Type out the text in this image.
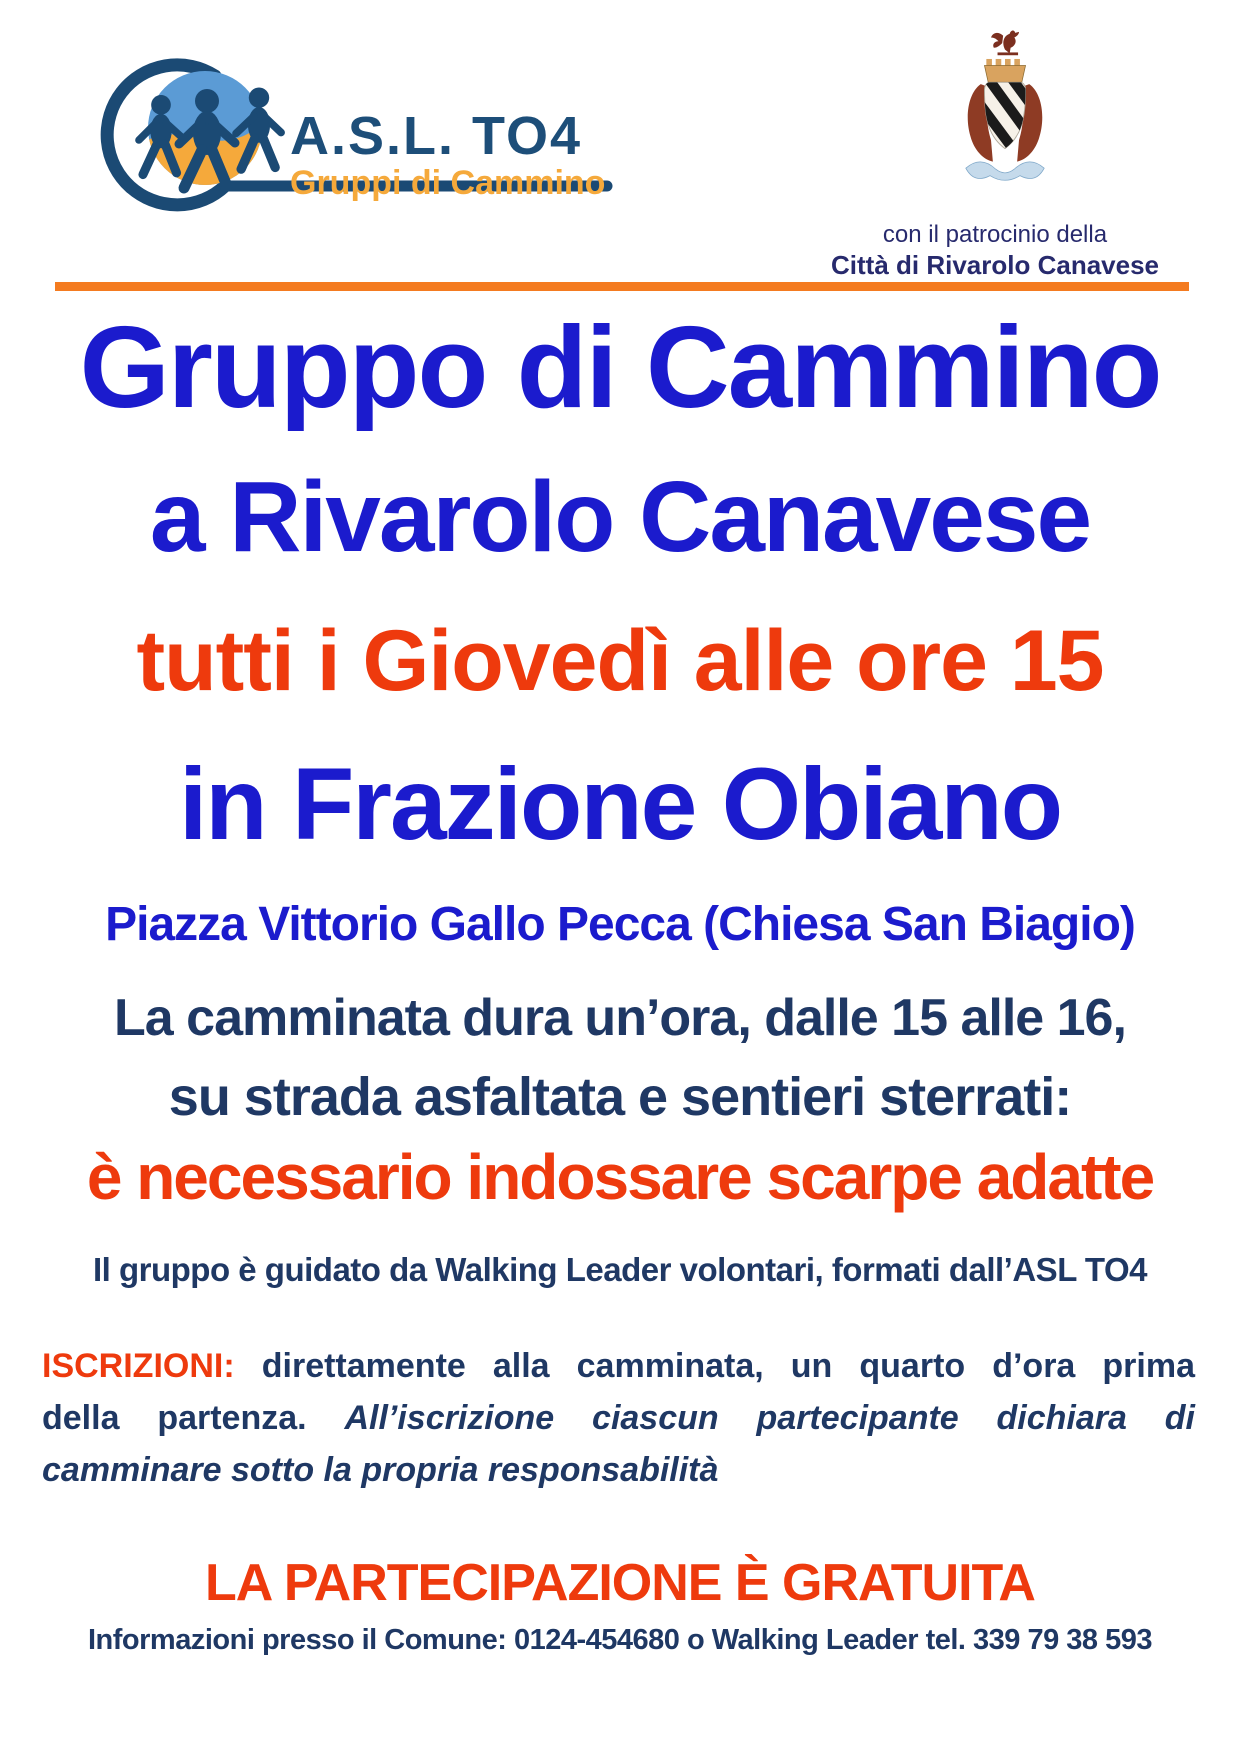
A.S.L. TO4
Gruppi di Cammino
con il patrocinio della
Città di Rivarolo Canavese
Gruppo di Cammino
a Rivarolo Canavese
tutti i Giovedì alle ore 15
in Frazione Obiano
Piazza Vittorio Gallo Pecca (Chiesa San Biagio)
La camminata dura un’ora, dalle 15 alle 16,
su strada asfaltata e sentieri sterrati:
è necessario indossare scarpe adatte
Il gruppo è guidato da Walking Leader volontari, formati dall’ASL TO4
ISCRIZIONI: direttamente alla camminata, un quarto d’ora prima
della partenza. All’iscrizione ciascun partecipante dichiara di
camminare sotto la propria responsabilità
LA PARTECIPAZIONE È GRATUITA
Informazioni presso il Comune: 0124-454680 o Walking Leader tel. 339 79 38 593
